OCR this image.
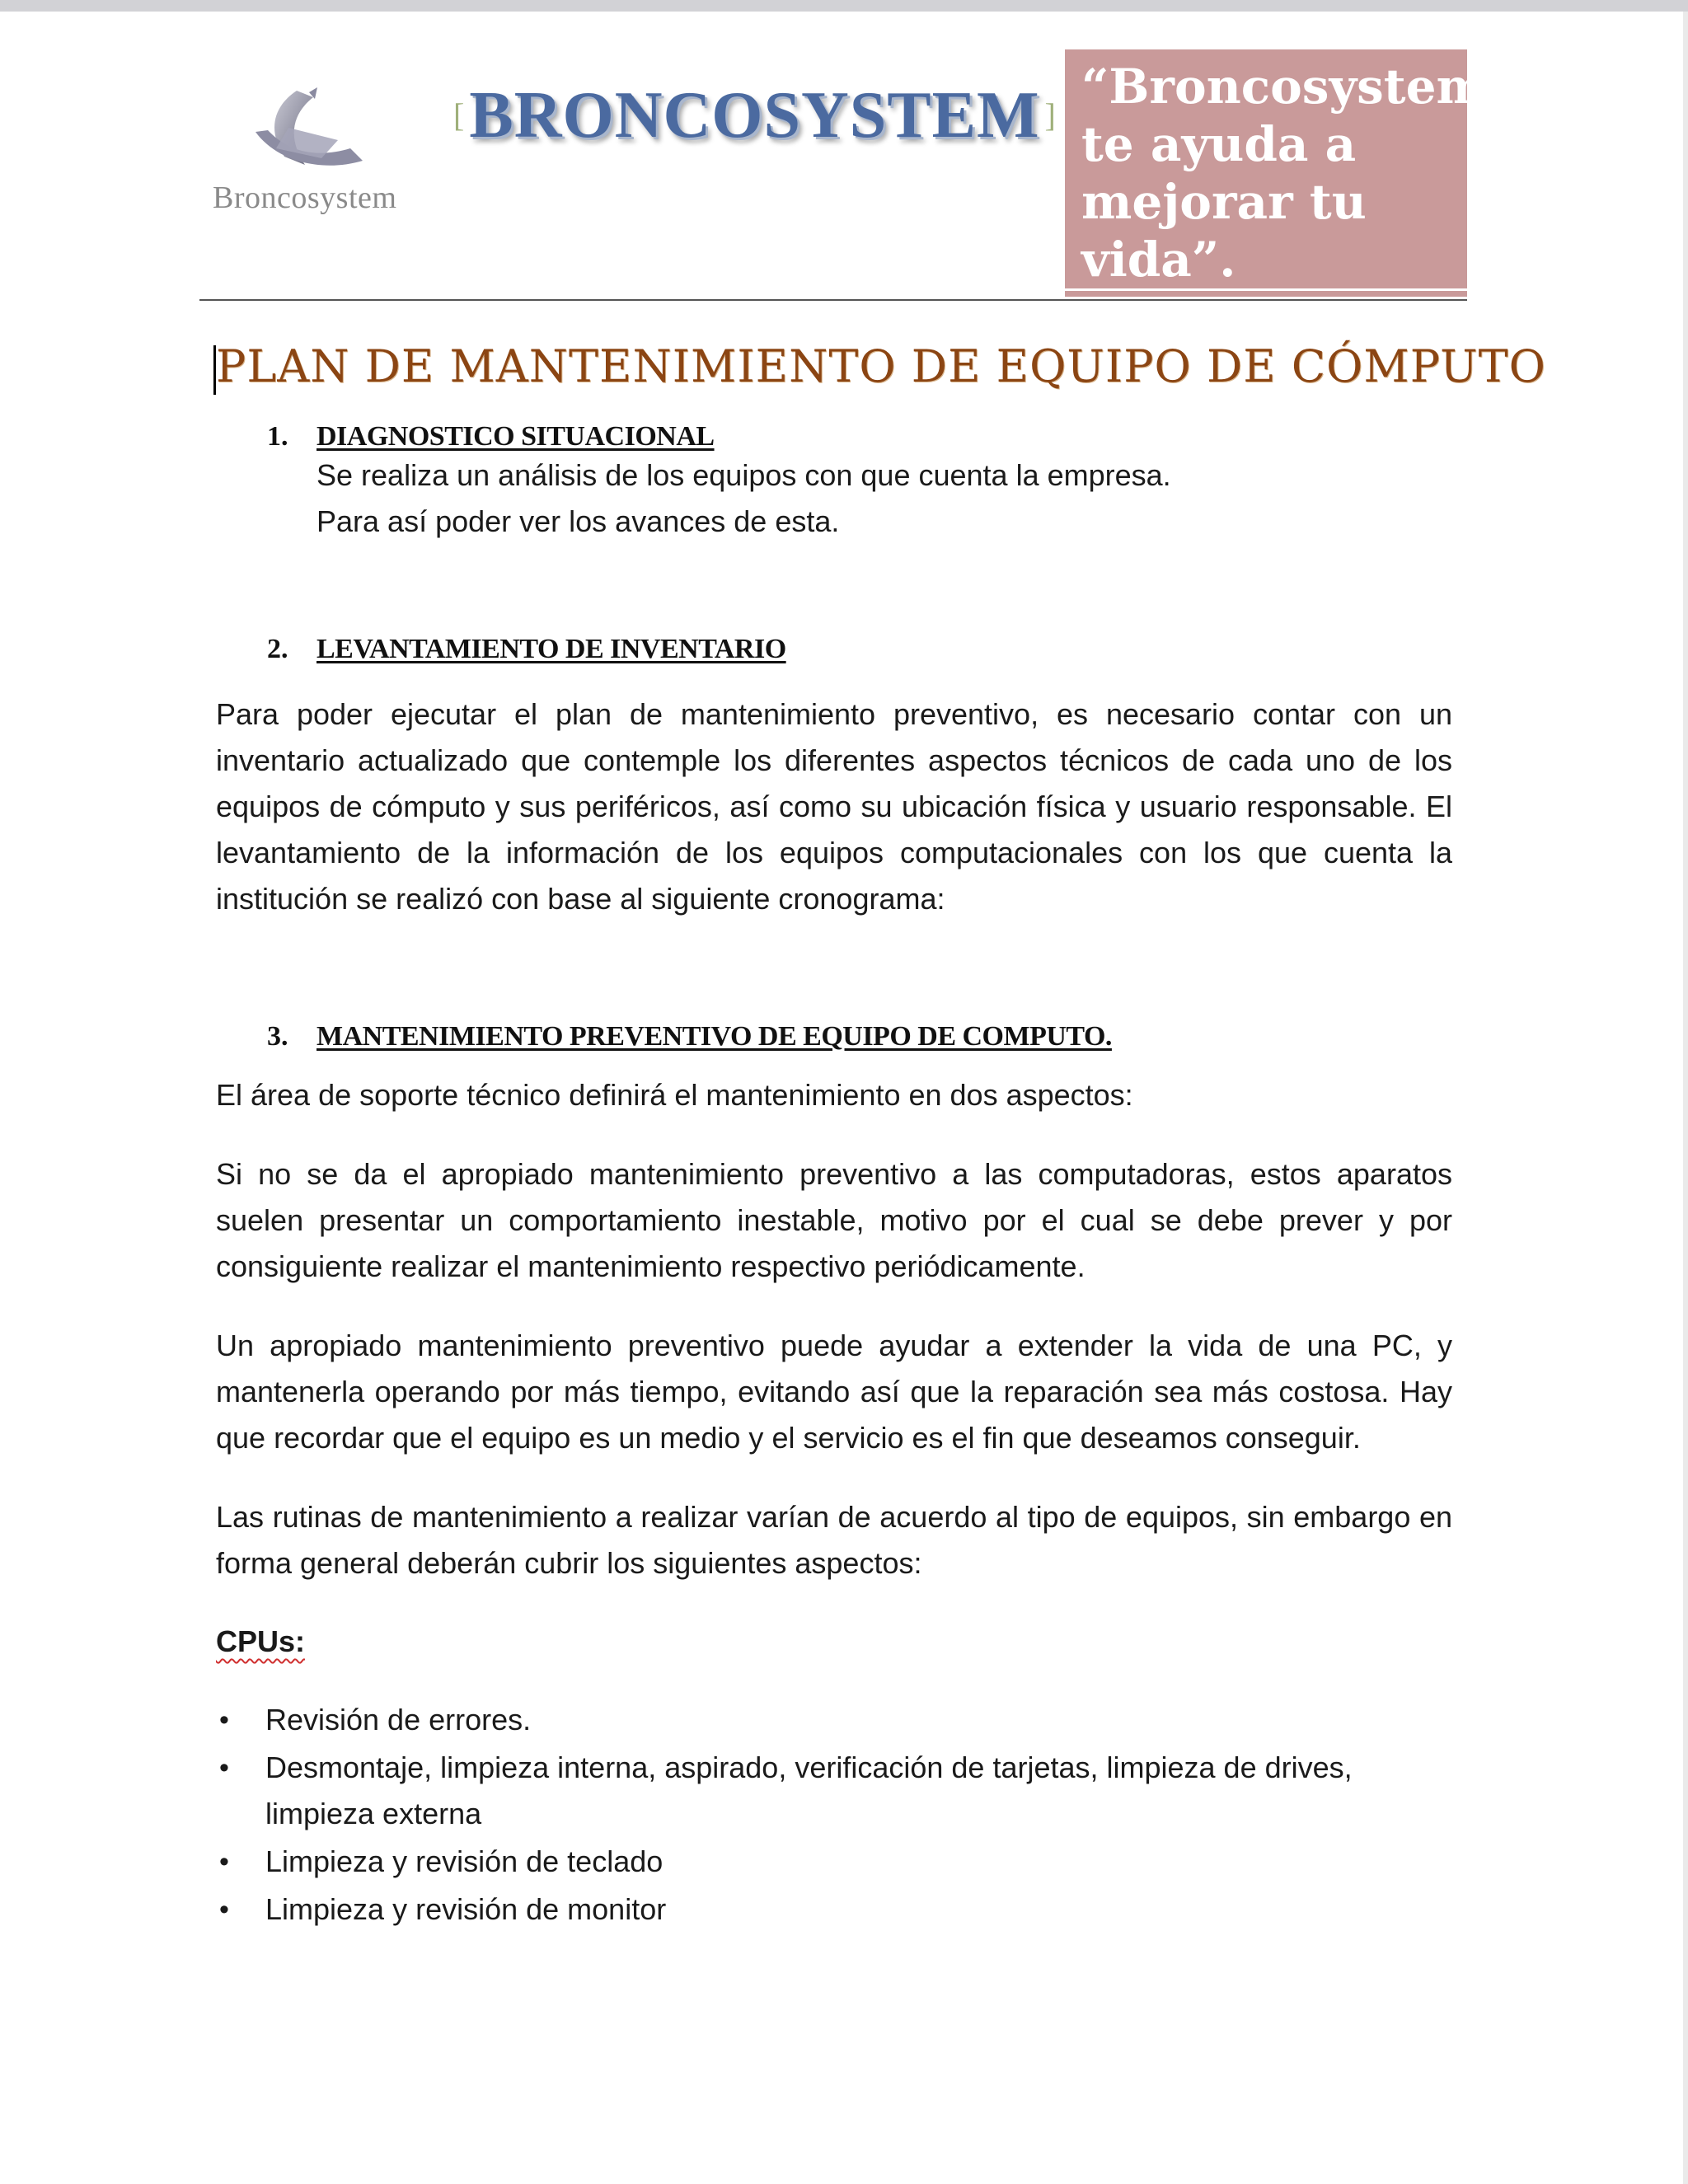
Broncosystem
[ BRONCOSYSTEM ]

“Broncosystem te ayuda a mejorar tu vida”.

PLAN DE MANTENIMIENTO DE EQUIPO DE CÓMPUTO
1.	DIAGNOSTICO SITUACIONAL

Se realiza un análisis de los equipos con que cuenta la empresa.

Para así poder ver los avances de esta.

2.	LEVANTAMIENTO DE INVENTARIO

Para poder ejecutar el plan de mantenimiento preventivo, es necesario contar con un inventario actualizado que contemple los diferentes aspectos técnicos de cada uno de los equipos de cómputo y sus periféricos, así como su ubicación física y usuario responsable. El levantamiento de la información de los equipos computacionales con los que cuenta la institución se realizó con base al siguiente cronograma:

3.	MANTENIMIENTO PREVENTIVO DE EQUIPO DE COMPUTO.

El área de soporte técnico definirá el mantenimiento en dos aspectos:

Si no se da el apropiado mantenimiento preventivo a las computadoras, estos aparatos suelen presentar un comportamiento inestable, motivo por el cual se debe prever y por consiguiente realizar el mantenimiento respectivo periódicamente.

Un apropiado mantenimiento preventivo puede ayudar a extender la vida de una PC, y mantenerla operando por más tiempo, evitando así que la reparación sea más costosa. Hay que recordar que el equipo es un medio y el servicio es el fin que deseamos conseguir.

Las rutinas de mantenimiento a realizar varían de acuerdo al tipo de equipos, sin embargo en forma general deberán cubrir los siguientes aspectos:

CPUs:

• Revisión de errores.
• Desmontaje, limpieza interna, aspirado, verificación de tarjetas, limpieza de drives, limpieza externa
• Limpieza y revisión de teclado
• Limpieza y revisión de monitor
